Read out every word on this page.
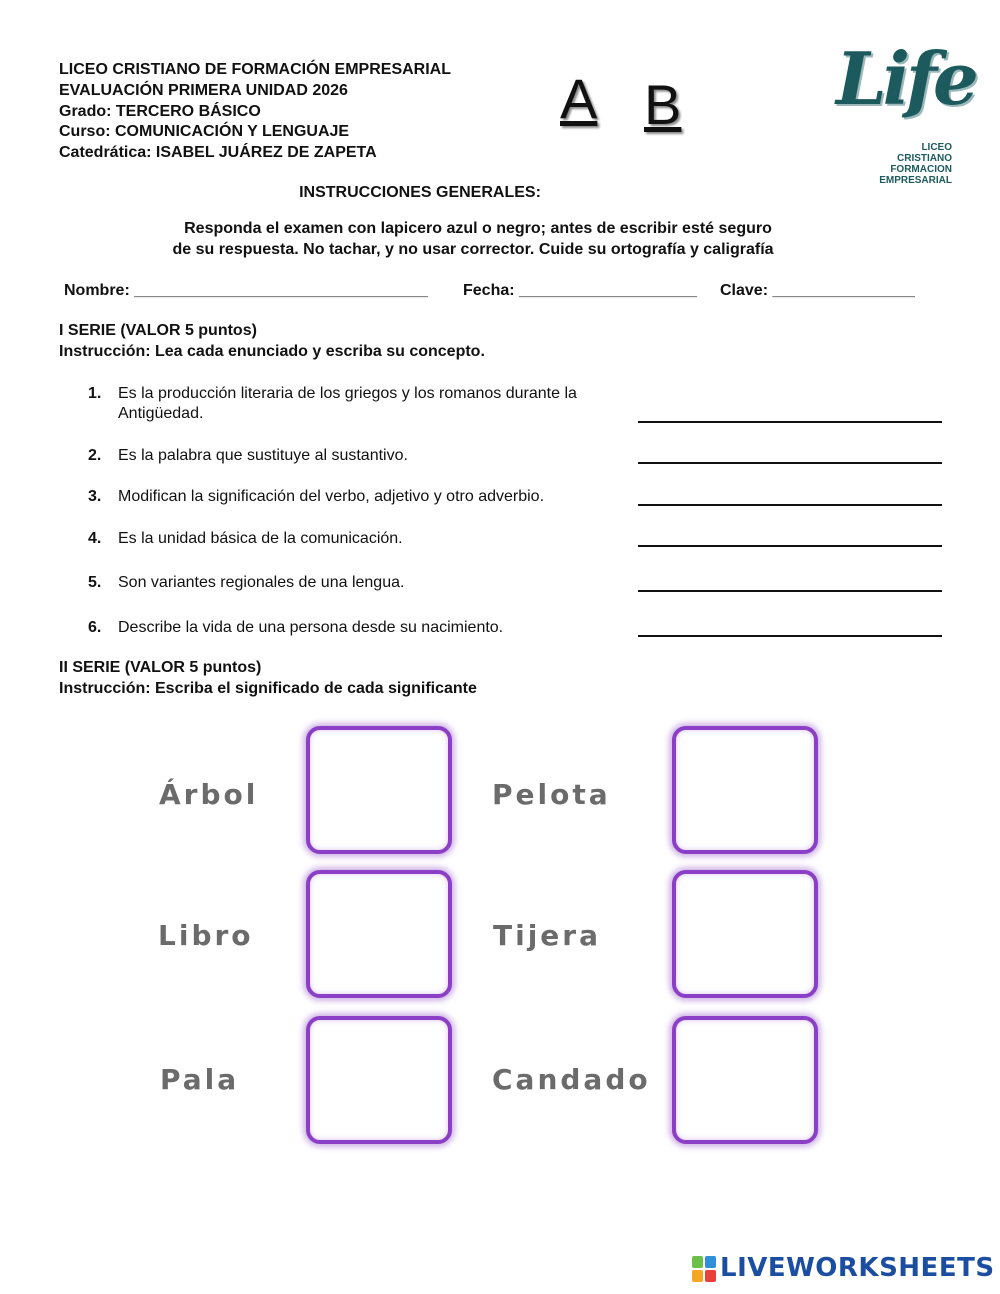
LICEO CRISTIANO DE FORMACIÓN EMPRESARIAL
EVALUACIÓN PRIMERA UNIDAD 2026
Grado: TERCERO BÁSICO
Curso: COMUNICACIÓN Y LENGUAJE
Catedrática: ISABEL JUÁREZ DE ZAPETA
A B Life
LICEO
CRISTIANO
FORMACION
EMPRESARIAL
INSTRUCCIONES GENERALES:
Responda el examen con lapicero azul o negro; antes de escribir esté seguro
de su respuesta. No tachar, y no usar corrector. Cuide su ortografía y caligrafía
Nombre: _________________________________ Fecha: ____________________ Clave: ________________
I SERIE (VALOR 5 puntos)
Instrucción: Lea cada enunciado y escriba su concepto.
1.	Es la producción literaria de los griegos y los romanos durante la Antigüedad.
2.	Es la palabra que sustituye al sustantivo.
3.	Modifican la significación del verbo, adjetivo y otro adverbio.
4.	Es la unidad básica de la comunicación.
5.	Son variantes regionales de una lengua.
6.	Describe la vida de una persona desde su nacimiento.
II SERIE (VALOR 5 puntos)
Instrucción: Escriba el significado de cada significante
Árbol	Pelota
Libro	Tijera
Pala	Candado
LIVEWORKSHEETS
